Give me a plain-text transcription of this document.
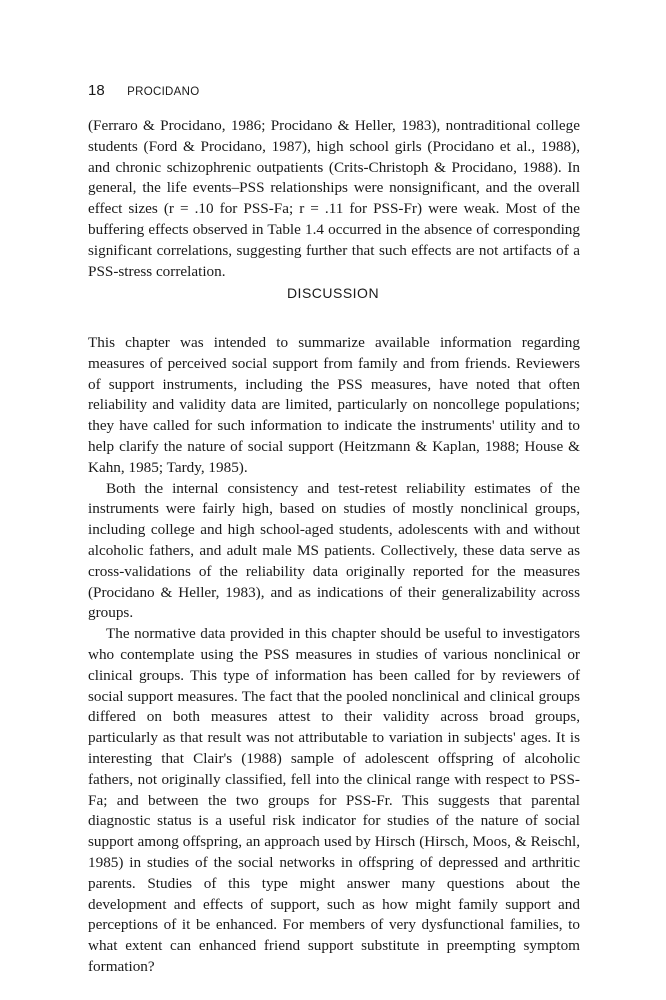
18 PROCIDANO

(Ferraro & Procidano, 1986; Procidano & Heller, 1983), nontraditional college students (Ford & Procidano, 1987), high school girls (Procidano et al., 1988), and chronic schizophrenic outpatients (Crits-Christoph & Procidano, 1988). In general, the life events–PSS relationships were nonsignificant, and the overall effect sizes (r = .10 for PSS-Fa; r = .11 for PSS-Fr) were weak. Most of the buffering effects observed in Table 1.4 occurred in the absence of corresponding significant correlations, suggesting further that such effects are not artifacts of a PSS-stress correlation.

DISCUSSION

This chapter was intended to summarize available information regarding measures of perceived social support from family and from friends. Reviewers of support instruments, including the PSS measures, have noted that often reliability and validity data are limited, particularly on noncollege populations; they have called for such information to indicate the instruments' utility and to help clarify the nature of social support (Heitzmann & Kaplan, 1988; House & Kahn, 1985; Tardy, 1985).

Both the internal consistency and test-retest reliability estimates of the instruments were fairly high, based on studies of mostly nonclinical groups, including college and high school-aged students, adolescents with and without alcoholic fathers, and adult male MS patients. Collectively, these data serve as cross-validations of the reliability data originally reported for the measures (Procidano & Heller, 1983), and as indications of their generalizability across groups.

The normative data provided in this chapter should be useful to investigators who contemplate using the PSS measures in studies of various nonclinical or clinical groups. This type of information has been called for by reviewers of social support measures. The fact that the pooled nonclinical and clinical groups differed on both measures attest to their validity across broad groups, particularly as that result was not attributable to variation in subjects' ages. It is interesting that Clair's (1988) sample of adolescent offspring of alcoholic fathers, not originally classified, fell into the clinical range with respect to PSS-Fa; and between the two groups for PSS-Fr. This suggests that parental diagnostic status is a useful risk indicator for studies of the nature of social support among offspring, an approach used by Hirsch (Hirsch, Moos, & Reischl, 1985) in studies of the social networks in offspring of depressed and arthritic parents. Studies of this type might answer many questions about the development and effects of support, such as how might family support and perceptions of it be enhanced. For members of very dysfunctional families, to what extent can enhanced friend support substitute in preempting symptom formation?
